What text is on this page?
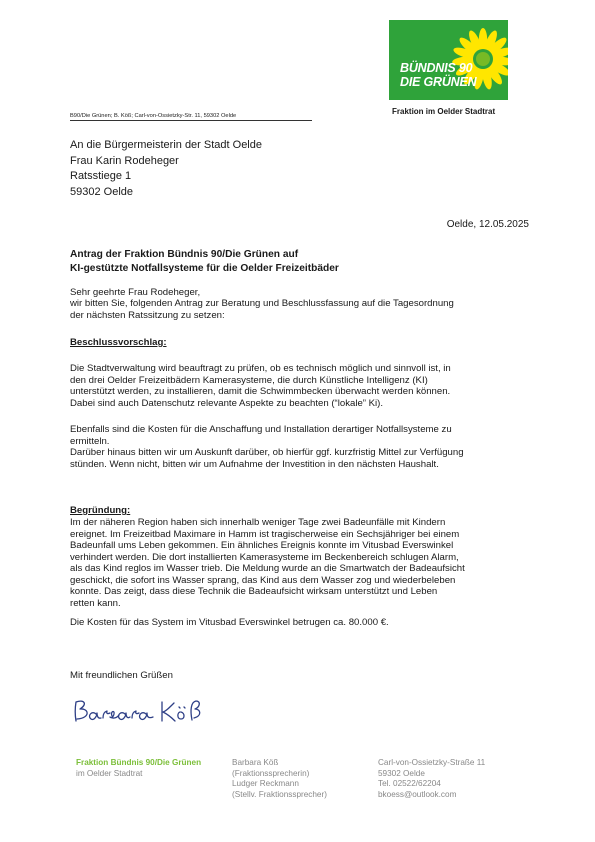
BÜNDNIS 90
DIE GRÜNEN
Fraktion im Oelder Stadtrat
B90/Die Grünen; B. Köß; Carl-von-Ossietzky-Str. 11, 59302 Oelde
An die Bürgermeisterin der Stadt Oelde
Frau Karin Rodeheger
Ratsstiege 1
59302 Oelde
Oelde, 12.05.2025
Antrag der Fraktion Bündnis 90/Die Grünen auf
KI-gestützte Notfallsysteme für die Oelder Freizeitbäder
Sehr geehrte Frau Rodeheger,
wir bitten Sie, folgenden Antrag zur Beratung und Beschlussfassung auf die Tagesordnung
der nächsten Ratssitzung zu setzen:
Beschlussvorschlag:
Die Stadtverwaltung wird beauftragt zu prüfen, ob es technisch möglich und sinnvoll ist, in
den drei Oelder Freizeitbädern Kamerasysteme, die durch Künstliche Intelligenz (KI)
unterstützt werden, zu installieren, damit die Schwimmbecken überwacht werden können.
Dabei sind auch Datenschutz relevante Aspekte zu beachten (“lokale” Ki).
Ebenfalls sind die Kosten für die Anschaffung und Installation derartiger Notfallsysteme zu
ermitteln.
Darüber hinaus bitten wir um Auskunft darüber, ob hierfür ggf. kurzfristig Mittel zur Verfügung
stünden. Wenn nicht, bitten wir um Aufnahme der Investition in den nächsten Haushalt.
Begründung:
Im der näheren Region haben sich innerhalb weniger Tage zwei Badeunfälle mit Kindern
ereignet. Im Freizeitbad Maximare in Hamm ist tragischerweise ein Sechsjähriger bei einem
Badeunfall ums Leben gekommen. Ein ähnliches Ereignis konnte im Vitusbad Everswinkel
verhindert werden. Die dort installierten Kamerasysteme im Beckenbereich schlugen Alarm,
als das Kind reglos im Wasser trieb. Die Meldung wurde an die Smartwatch der Badeaufsicht
geschickt, die sofort ins Wasser sprang, das Kind aus dem Wasser zog und wiederbeleben
konnte. Das zeigt, dass diese Technik die Badeaufsicht wirksam unterstützt und Leben
retten kann.
Die Kosten für das System im Vitusbad Everswinkel betrugen ca. 80.000 €.
Mit freundlichen Grüßen
Fraktion Bündnis 90/Die Grünen
im Oelder Stadtrat
Barbara Köß
(Fraktionssprecherin)
Ludger Reckmann
(Stellv. Fraktionssprecher)
Carl-von-Ossietzky-Straße 11
59302 Oelde
Tel. 02522/62204
bkoess@outlook.com
